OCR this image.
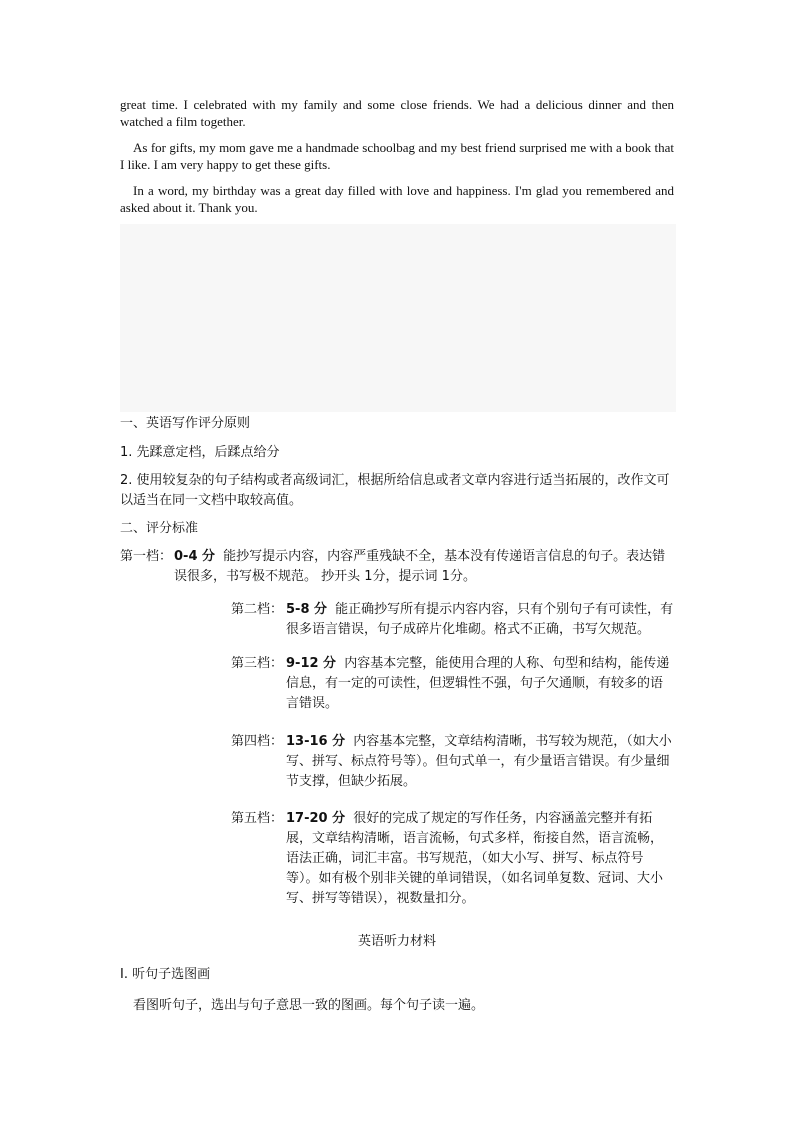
great time. I celebrated with my family and some close friends. We had a delicious dinner and then watched a film together.

As for gifts, my mom gave me a handmade schoolbag and my best friend surprised me with a book that I like. I am very happy to get these gifts.

In a word, my birthday was a great day filled with love and happiness. I'm glad you remembered and asked about it. Thank you.

一、英语写作评分原则
1. 先蹂意定档，后蹂点给分
2. 使用较复杂的句子结构或者高级词汇，根据所给信息或者文章内容进行适当拓展的，改作文可以适当在同一文档中取较高值。
二、评分标准
第一档： 0-4 分 能抄写提示内容，内容严重残缺不全，基本没有传递语言信息的句子。表达错误很多，书写极不规范。 抄开头 1分，提示词 1分。
第二档： 5-8 分 能正确抄写所有提示内容内容，只有个别句子有可读性，有很多语言错误，句子成碎片化堆砌。格式不正确，书写欠规范。
第三档： 9-12 分 内容基本完整，能使用合理的人称、句型和结构，能传递信息，有一定的可读性，但逻辑性不强，句子欠通顺，有较多的语言错误。
第四档： 13-16 分 内容基本完整，文章结构清晰，书写较为规范，（如大小写、拼写、标点符号等）。但句式单一，有少量语言错误。有少量细节支撑，但缺少拓展。
第五档： 17-20 分 很好的完成了规定的写作任务，内容涵盖完整并有拓展，文章结构清晰，语言流畅，句式多样，衔接自然，语言流畅，语法正确，词汇丰富。书写规范，（如大小写、拼写、标点符号等）。如有极个别非关键的单词错误，（如名词单复数、冠词、大小写、拼写等错误），视数量扣分。
英语听力材料
I. 听句子选图画
看图听句子，选出与句子意思一致的图画。每个句子读一遍。
